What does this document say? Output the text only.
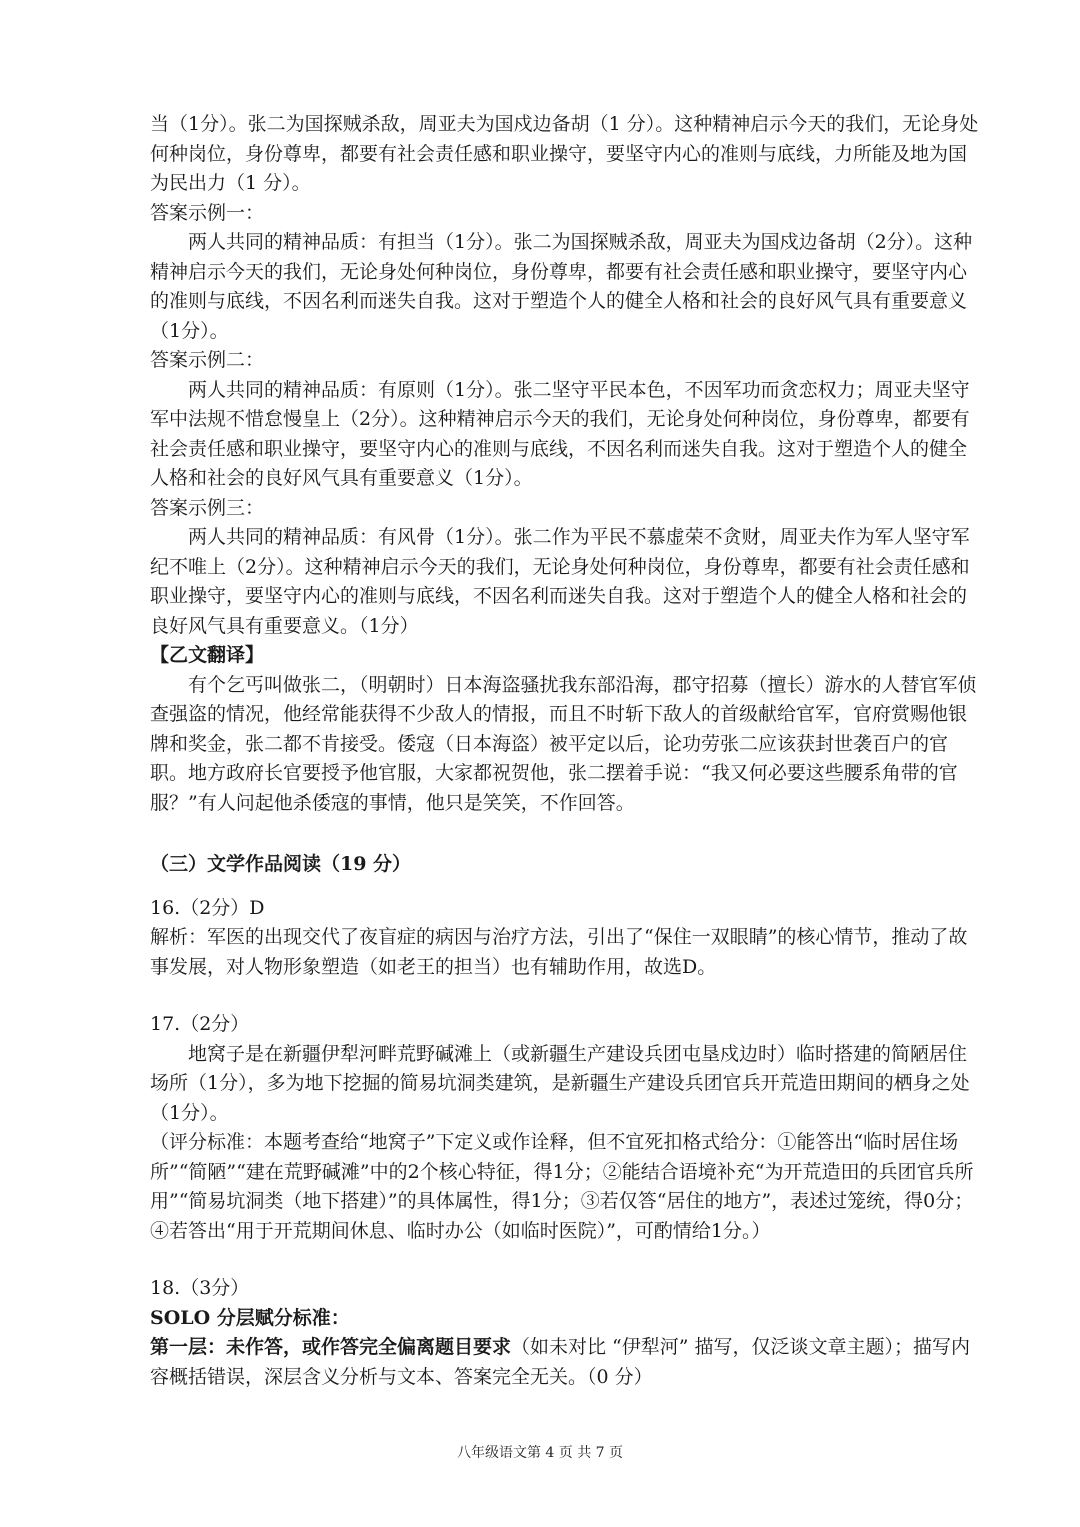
当（1分）。张二为国探贼杀敌，周亚夫为国戍边备胡（1 分）。这种精神启示今天的我们，无论身处何种岗位，身份尊卑，都要有社会责任感和职业操守，要坚守内心的准则与底线，力所能及地为国为民出力（1 分）。

答案示例一：

两人共同的精神品质：有担当（1分）。张二为国探贼杀敌，周亚夫为国戍边备胡（2分）。这种精神启示今天的我们，无论身处何种岗位，身份尊卑，都要有社会责任感和职业操守，要坚守内心的准则与底线，不因名利而迷失自我。这对于塑造个人的健全人格和社会的良好风气具有重要意义（1分）。

答案示例二：

两人共同的精神品质：有原则（1分）。张二坚守平民本色，不因军功而贪恋权力；周亚夫坚守军中法规不惜怠慢皇上（2分）。这种精神启示今天的我们，无论身处何种岗位，身份尊卑，都要有社会责任感和职业操守，要坚守内心的准则与底线，不因名利而迷失自我。这对于塑造个人的健全人格和社会的良好风气具有重要意义（1分）。

答案示例三：

两人共同的精神品质：有风骨（1分）。张二作为平民不慕虚荣不贪财，周亚夫作为军人坚守军纪不唯上（2分）。这种精神启示今天的我们，无论身处何种岗位，身份尊卑，都要有社会责任感和职业操守，要坚守内心的准则与底线，不因名利而迷失自我。这对于塑造个人的健全人格和社会的良好风气具有重要意义。（1分）

【乙文翻译】

有个乞丐叫做张二，（明朝时）日本海盗骚扰我东部沿海，郡守招募（擅长）游水的人替官军侦查强盗的情况，他经常能获得不少敌人的情报，而且不时斩下敌人的首级献给官军，官府赏赐他银牌和奖金，张二都不肯接受。倭寇（日本海盗）被平定以后，论功劳张二应该获封世袭百户的官职。地方政府长官要授予他官服，大家都祝贺他，张二摆着手说：“我又何必要这些腰系角带的官服？”有人问起他杀倭寇的事情，他只是笑笑，不作回答。

（三）文学作品阅读（19 分）

16.（2分）D

解析：军医的出现交代了夜盲症的病因与治疗方法，引出了“保住一双眼睛”的核心情节，推动了故事发展，对人物形象塑造（如老王的担当）也有辅助作用，故选D。

17.（2分）

地窝子是在新疆伊犁河畔荒野碱滩上（或新疆生产建设兵团屯垦戍边时）临时搭建的简陋居住场所（1分），多为地下挖掘的简易坑洞类建筑，是新疆生产建设兵团官兵开荒造田期间的栖身之处（1分）。

（评分标准：本题考查给“地窝子”下定义或作诠释，但不宜死扣格式给分：①能答出“临时居住场所”“简陋”“建在荒野碱滩”中的2个核心特征，得1分；②能结合语境补充“为开荒造田的兵团官兵所用”“简易坑洞类（地下搭建）”的具体属性，得1分；③若仅答“居住的地方”，表述过笼统，得0分；④若答出“用于开荒期间休息、临时办公（如临时医院）”，可酌情给1分。）

18.（3分）

SOLO 分层赋分标准：

第一层：未作答，或作答完全偏离题目要求（如未对比 “伊犁河” 描写，仅泛谈文章主题）；描写内容概括错误，深层含义分析与文本、答案完全无关。（0 分）

八年级语文第 4 页 共 7 页
